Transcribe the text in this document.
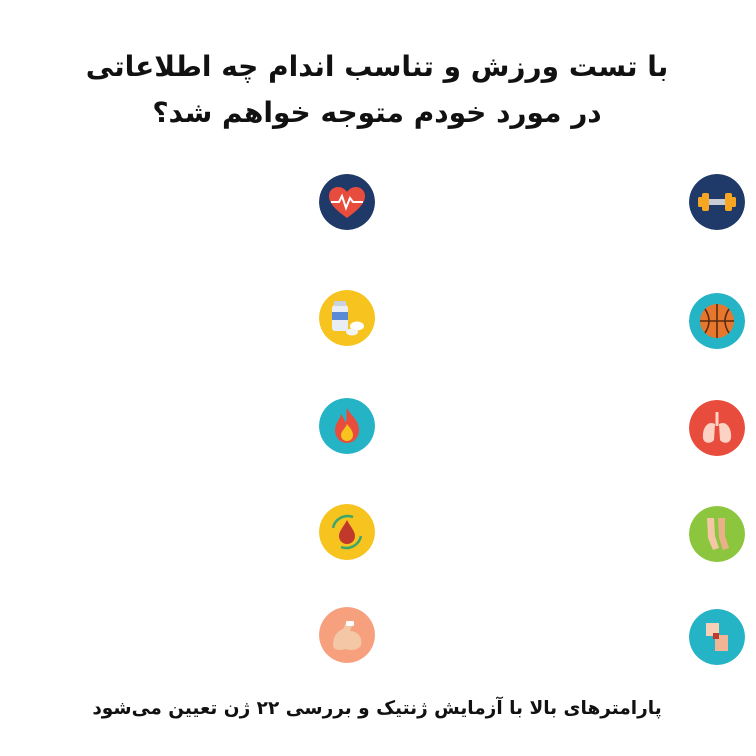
با تست ورزش و تناسب اندام چه اطلاعاتی
در مورد خودم متوجه خواهم شد؟

پارامترهای بالا با آزمایش ژنتیک و بررسی ۲۲ ژن تعیین می‌شود
